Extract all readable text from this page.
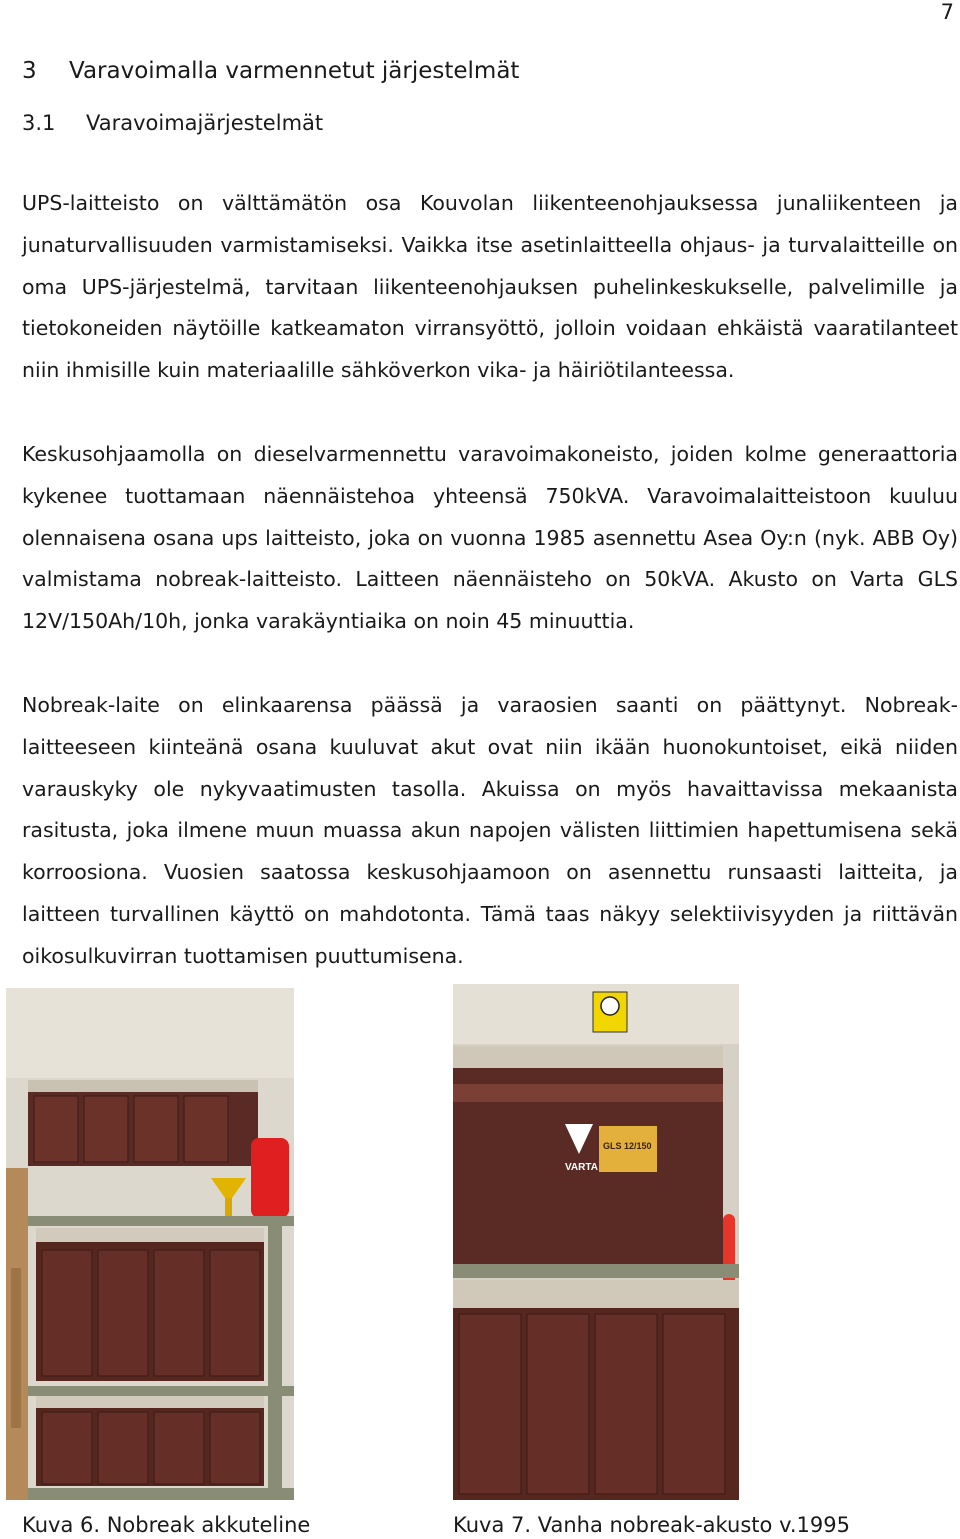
7
3 Varavoimalla varmennetut järjestelmät
3.1 Varavoimajärjestelmät

UPS-laitteisto on välttämätön osa Kouvolan liikenteenohjauksessa junaliikenteen ja junaturvallisuuden varmistamiseksi. Vaikka itse asetinlaitteella ohjaus- ja turvalaitteille on oma UPS-järjestelmä, tarvitaan liikenteenohjauksen puhelinkeskukselle, palvelimille ja tietokoneiden näytöille katkeamaton virransyöttö, jolloin voidaan ehkäistä vaaratilanteet niin ihmisille kuin materiaalille sähköverkon vika- ja häiriötilanteessa.

Keskusohjaamolla on dieselvarmennettu varavoimakoneisto, joiden kolme generaattoria kykenee tuottamaan näennäistehoa yhteensä 750kVA. Varavoimalaitteistoon kuuluu olennaisena osana ups laitteisto, joka on vuonna 1985 asennettu Asea Oy:n (nyk. ABB Oy) valmistama nobreak-laitteisto. Laitteen näennäisteho on 50kVA. Akusto on Varta GLS 12V/150Ah/10h, jonka varakäyntiaika on noin 45 minuuttia.

Nobreak-laite on elinkaarensa päässä ja varaosien saanti on päättynyt. Nobreak-laitteeseen kiinteänä osana kuuluvat akut ovat niin ikään huonokuntoiset, eikä niiden varauskyky ole nykyvaatimusten tasolla. Akuissa on myös havaittavissa mekaanista rasitusta, joka ilmene muun muassa akun napojen välisten liittimien hapettumisena sekä korroosiona. Vuosien saatossa keskusohjaamoon on asennettu runsaasti laitteita, ja laitteen turvallinen käyttö on mahdotonta. Tämä taas näkyy selektiivisyyden ja riittävän oikosulkuvirran tuottamisen puuttumisena.

VARTA
GLS 12/150
Kuva 6. Nobreak akkuteline	Kuva 7. Vanha nobreak-akusto v.1995
